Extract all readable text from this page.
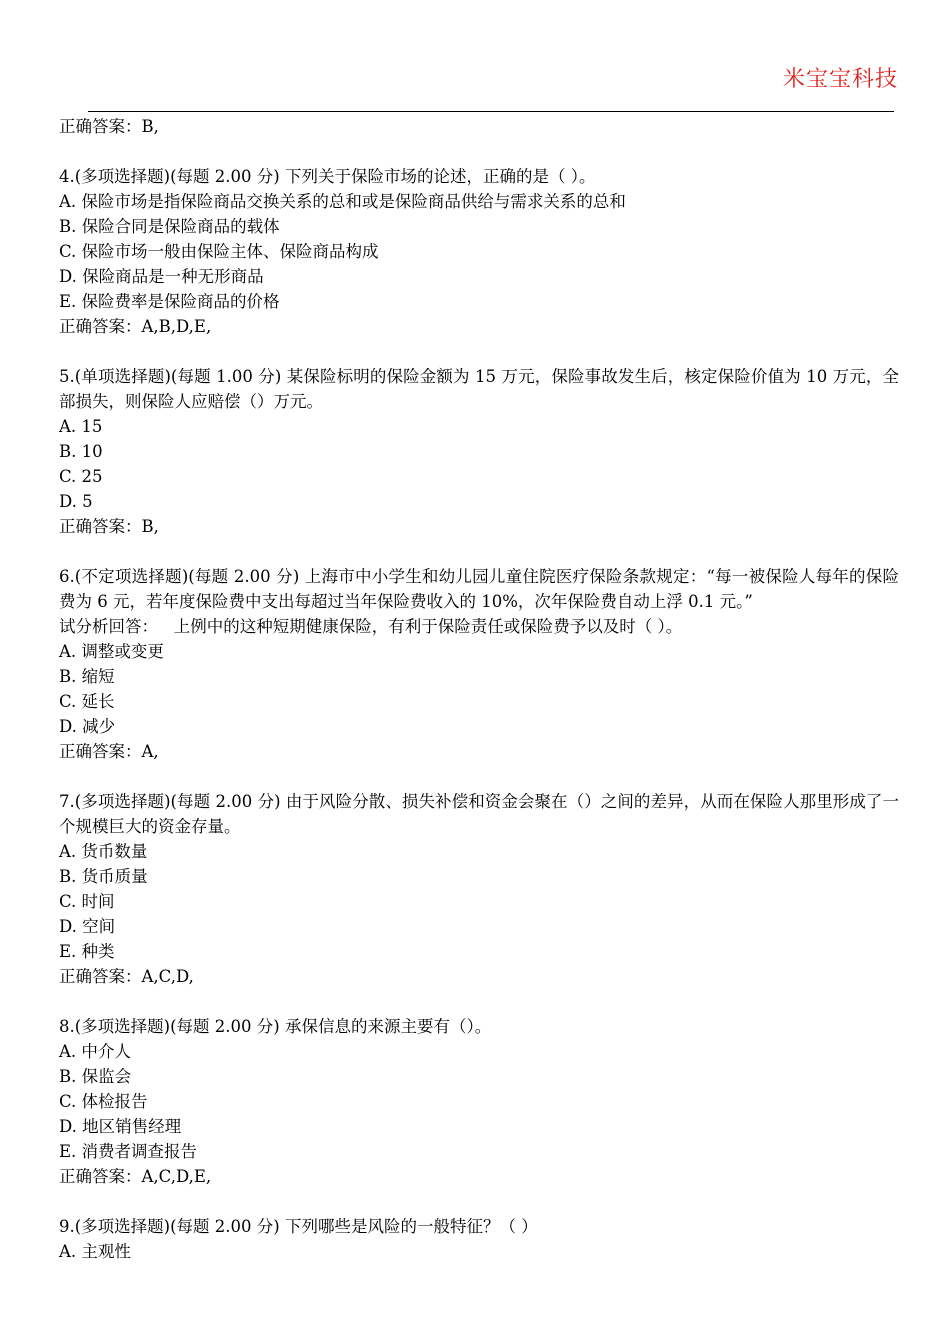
米宝宝科技
正确答案：B,
4.(多项选择题)(每题 2.00 分) 下列关于保险市场的论述，正确的是（ ）。
A. 保险市场是指保险商品交换关系的总和或是保险商品供给与需求关系的总和
B. 保险合同是保险商品的载体
C. 保险市场一般由保险主体、保险商品构成
D. 保险商品是一种无形商品
E. 保险费率是保险商品的价格
正确答案：A,B,D,E,
5.(单项选择题)(每题 1.00 分) 某保险标明的保险金额为 15 万元，保险事故发生后，核定保险价值为 10 万元，全部损失，则保险人应赔偿（）万元。
A. 15
B. 10
C. 25
D. 5
正确答案：B,
6.(不定项选择题)(每题 2.00 分) 上海市中小学生和幼儿园儿童住院医疗保险条款规定：“每一被保险人每年的保险费为 6 元，若年度保险费中支出每超过当年保险费收入的 10%，次年保险费自动上浮 0.1 元。”
试分析回答：   上例中的这种短期健康保险，有利于保险责任或保险费予以及时（ ）。
A. 调整或变更
B. 缩短
C. 延长
D. 减少
正确答案：A,
7.(多项选择题)(每题 2.00 分) 由于风险分散、损失补偿和资金会聚在（）之间的差异，从而在保险人那里形成了一个规模巨大的资金存量。
A. 货币数量
B. 货币质量
C. 时间
D. 空间
E. 种类
正确答案：A,C,D,
8.(多项选择题)(每题 2.00 分) 承保信息的来源主要有（）。
A. 中介人
B. 保监会
C. 体检报告
D. 地区销售经理
E. 消费者调查报告
正确答案：A,C,D,E,
9.(多项选择题)(每题 2.00 分) 下列哪些是风险的一般特征？（ ）
A. 主观性
